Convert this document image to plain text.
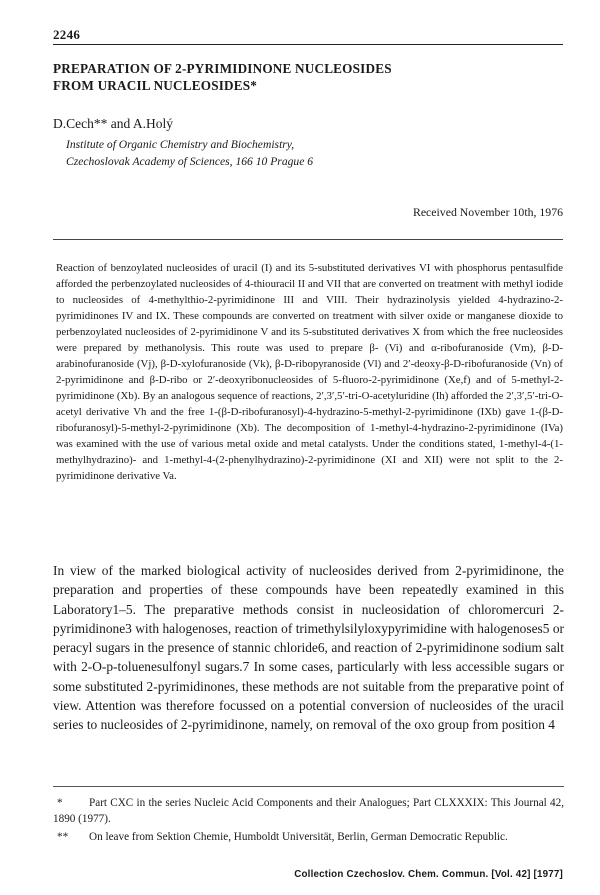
2246
PREPARATION OF 2-PYRIMIDINONE NUCLEOSIDES
FROM URACIL NUCLEOSIDES*
D.Cech** and A.Holý
Institute of Organic Chemistry and Biochemistry,
Czechoslovak Academy of Sciences, 166 10 Prague 6
Received November 10th, 1976

Reaction of benzoylated nucleosides of uracil (I) and its 5-substituted derivatives VI with phosphorus pentasulfide afforded the perbenzoylated nucleosides of 4-thiouracil II and VII that are converted on treatment with methyl iodide to nucleosides of 4-methylthio-2-pyrimidinone III and VIII. Their hydrazinolysis yielded 4-hydrazino-2-pyrimidinones IV and IX. These compounds are converted on treatment with silver oxide or manganese dioxide to perbenzoylated nucleosides of 2-pyrimidinone V and its 5-substituted derivatives X from which the free nucleosides were prepared by methanolysis. This route was used to prepare β- (Vi) and α-ribofuranoside (Vm), β-D-arabinofuranoside (Vj), β-D-xylofuranoside (Vk), β-D-ribopyranoside (Vl) and 2′-deoxy-β-D-ribofuranoside (Vn) of 2-pyrimidinone and β-D-ribo or 2′-deoxyribonucleosides of 5-fluoro-2-pyrimidinone (Xe,f) and of 5-methyl-2-pyrimidinone (Xb). By an analogous sequence of reactions, 2′,3′,5′-tri-O-acetyluridine (Ih) afforded the 2′,3′,5′-tri-O-acetyl derivative Vh and the free 1-(β-D-ribofuranosyl)-4-hydrazino-5-methyl-2-pyrimidinone (IXb) gave 1-(β-D-ribofuranosyl)-5-methyl-2-pyrimidinone (Xb). The decomposition of 1-methyl-4-hydrazino-2-pyrimidinone (IVa) was examined with the use of various metal oxide and metal catalysts. Under the conditions stated, 1-methyl-4-(1-methylhydrazino)- and 1-methyl-4-(2-phenylhydrazino)-2-pyrimidinone (XI and XII) were not split to the 2-pyrimidinone derivative Va.

In view of the marked biological activity of nucleosides derived from 2-pyrimidinone, the preparation and properties of these compounds have been repeatedly examined in this Laboratory1–5. The preparative methods consist in nucleosidation of chloromercuri 2-pyrimidinone3 with halogenoses, reaction of trimethylsilyloxypyrimidine with halogenoses5 or peracyl sugars in the presence of stannic chloride6, and reaction of 2-pyrimidinone sodium salt with 2-O-p-toluenesulfonyl sugars.7 In some cases, particularly with less accessible sugars or some substituted 2-pyrimidinones, these methods are not suitable from the preparative point of view. Attention was therefore focussed on a potential conversion of nucleosides of the uracil series to nucleosides of 2-pyrimidinone, namely, on removal of the oxo group from position 4

* Part CXC in the series Nucleic Acid Components and their Analogues; Part CLXXXIX: This Journal 42, 1890 (1977).

** On leave from Sektion Chemie, Humboldt Universität, Berlin, German Democratic Republic.

Collection Czechoslov. Chem. Commun. [Vol. 42] [1977]
